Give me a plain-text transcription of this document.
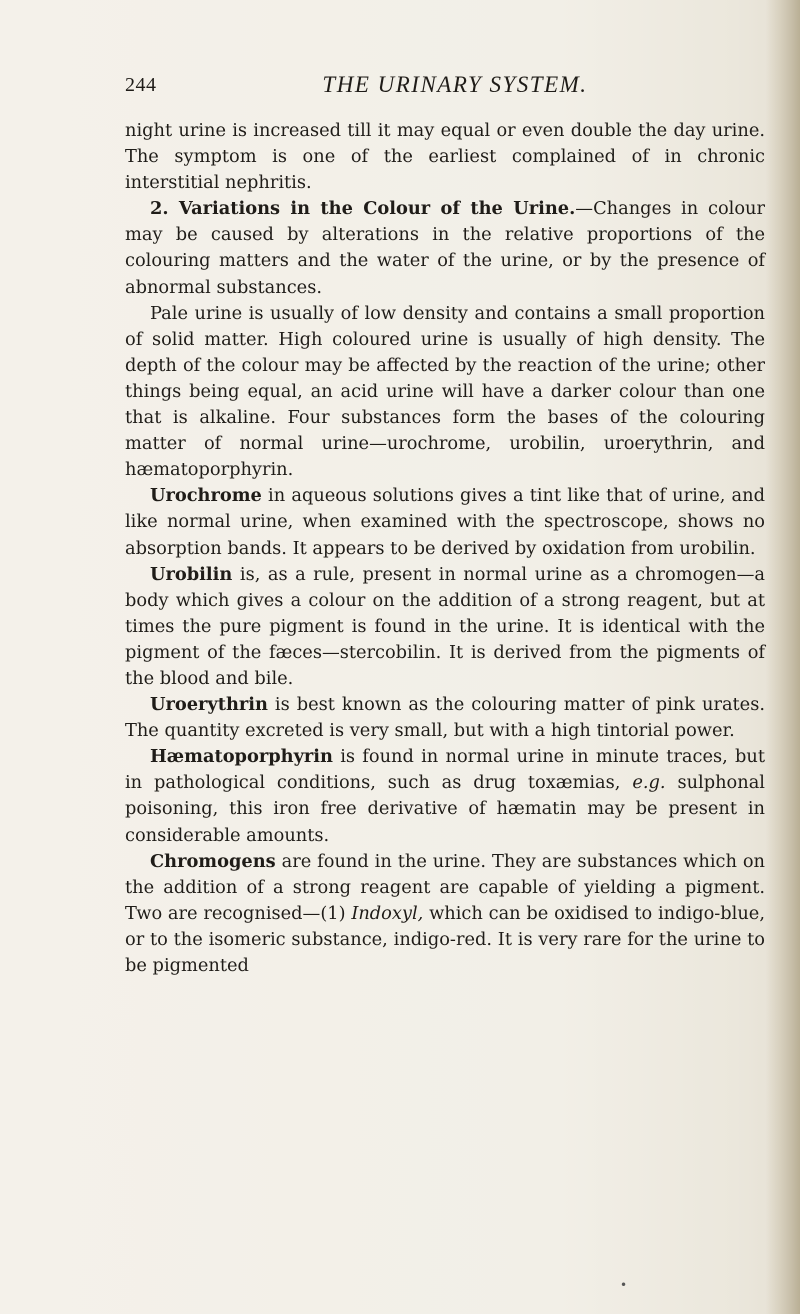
244	THE URINARY SYSTEM.

night urine is increased till it may equal or even double the day urine. The symptom is one of the earliest complained of in chronic interstitial nephritis.

2. Variations in the Colour of the Urine.—Changes in colour may be caused by alterations in the relative proportions of the colouring matters and the water of the urine, or by the presence of abnormal substances.

Pale urine is usually of low density and contains a small proportion of solid matter. High coloured urine is usually of high density. The depth of the colour may be affected by the reaction of the urine; other things being equal, an acid urine will have a darker colour than one that is alkaline. Four substances form the bases of the colouring matter of normal urine—urochrome, urobilin, uroerythrin, and hæmatoporphyrin.

Urochrome in aqueous solutions gives a tint like that of urine, and like normal urine, when examined with the spectroscope, shows no absorption bands. It appears to be derived by oxidation from urobilin.

Urobilin is, as a rule, present in normal urine as a chromogen—a body which gives a colour on the addition of a strong reagent, but at times the pure pigment is found in the urine. It is identical with the pigment of the fæces—stercobilin. It is derived from the pigments of the blood and bile.

Uroerythrin is best known as the colouring matter of pink urates. The quantity excreted is very small, but with a high tintorial power.

Hæmatoporphyrin is found in normal urine in minute traces, but in pathological conditions, such as drug toxæmias, e.g. sulphonal poisoning, this iron free derivative of hæmatin may be present in considerable amounts.

Chromogens are found in the urine. They are substances which on the addition of a strong reagent are capable of yielding a pigment. Two are recognised—(1) Indoxyl, which can be oxidised to indigo-blue, or to the isomeric substance, indigo-red. It is very rare for the urine to be pigmented

•
